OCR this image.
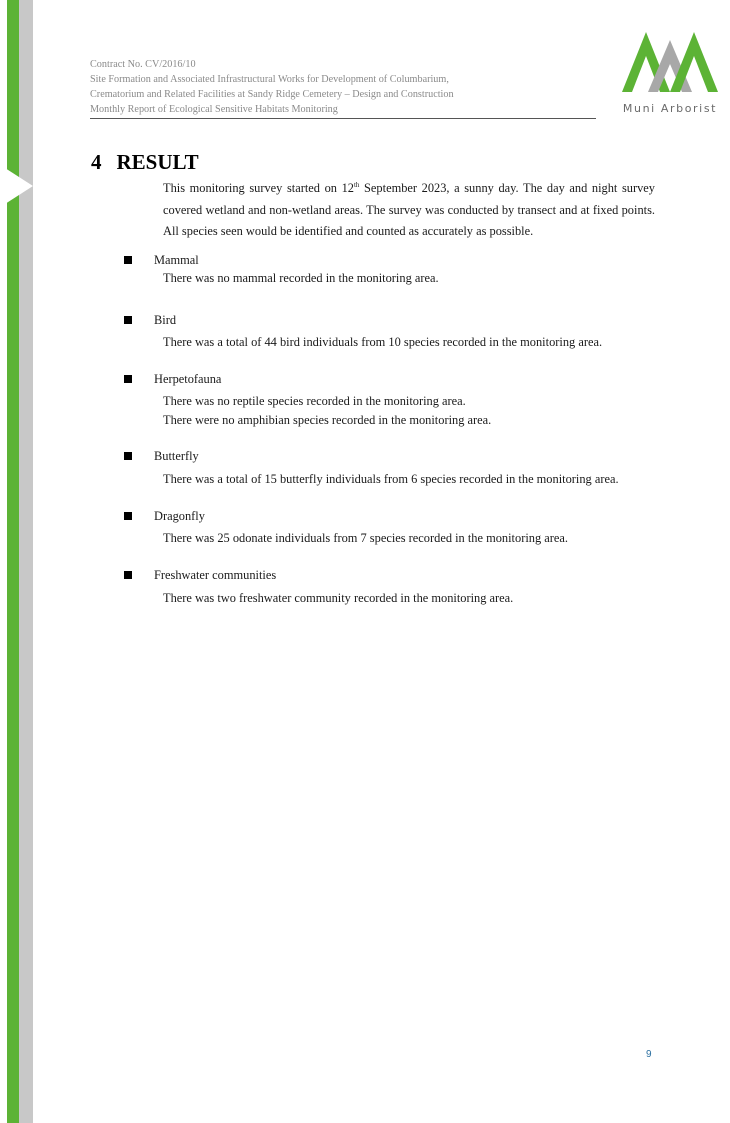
Contract No. CV/2016/10
Site Formation and Associated Infrastructural Works for Development of Columbarium,
Crematorium and Related Facilities at Sandy Ridge Cemetery – Design and Construction
Monthly Report of Ecological Sensitive Habitats Monitoring	Muni Arborist
4 RESULT

This monitoring survey started on 12th September 2023, a sunny day. The day and night survey covered wetland and non-wetland areas. The survey was conducted by transect and at fixed points. All species seen would be identified and counted as accurately as possible.

Mammal
There was no mammal recorded in the monitoring area.
Bird
There was a total of 44 bird individuals from 10 species recorded in the monitoring area.
Herpetofauna
There was no reptile species recorded in the monitoring area.
There were no amphibian species recorded in the monitoring area.
Butterfly
There was a total of 15 butterfly individuals from 6 species recorded in the monitoring area.
Dragonfly
There was 25 odonate individuals from 7 species recorded in the monitoring area.
Freshwater communities
There was two freshwater community recorded in the monitoring area.
9
